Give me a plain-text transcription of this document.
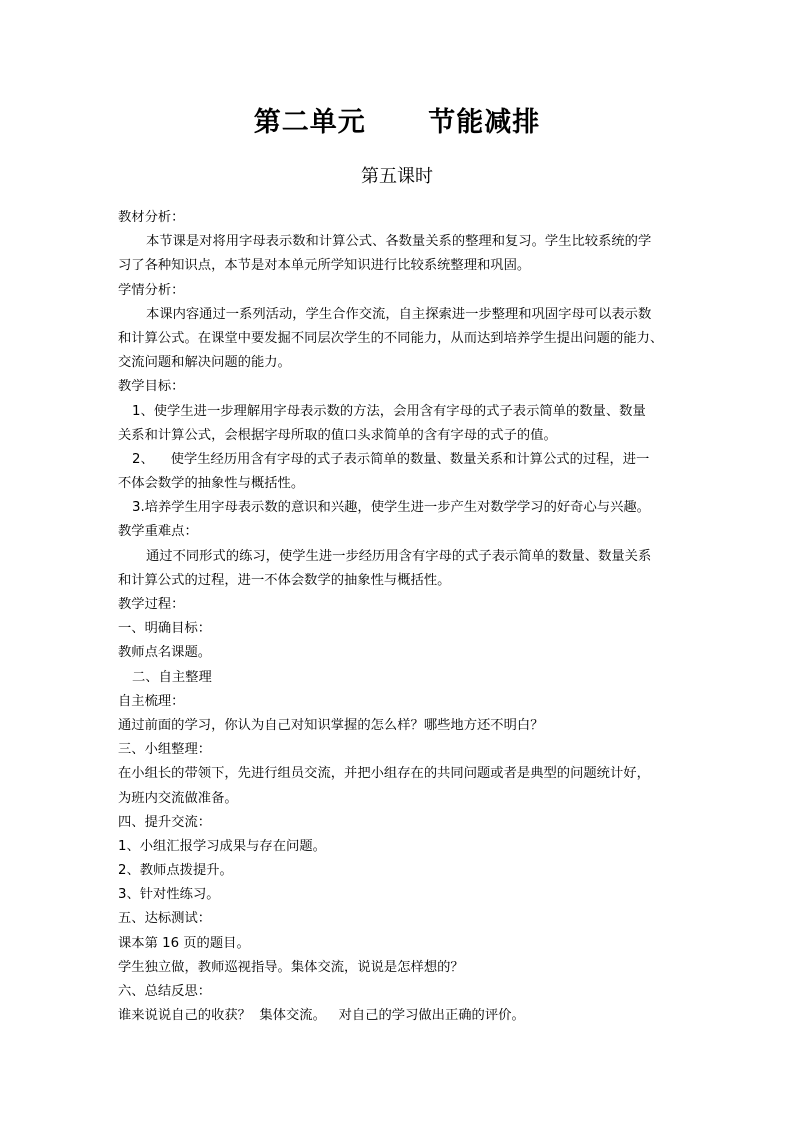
第二单元      节能减排
第五课时
教材分析：
本节课是对将用字母表示数和计算公式、各数量关系的整理和复习。学生比较系统的学
习了各种知识点，本节是对本单元所学知识进行比较系统整理和巩固。
学情分析：
本课内容通过一系列活动，学生合作交流，自主探索进一步整理和巩固字母可以表示数
和计算公式。在课堂中要发掘不同层次学生的不同能力，从而达到培养学生提出问题的能力、
交流问题和解决问题的能力。
教学目标：
1、使学生进一步理解用字母表示数的方法，会用含有字母的式子表示简单的数量、数量
关系和计算公式，会根据字母所取的值口头求简单的含有字母的式子的值。
2、    使学生经历用含有字母的式子表示简单的数量、数量关系和计算公式的过程，进一
不体会数学的抽象性与概括性。
3.培养学生用字母表示数的意识和兴趣，使学生进一步产生对数学学习的好奇心与兴趣。
教学重难点：
通过不同形式的练习，使学生进一步经历用含有字母的式子表示简单的数量、数量关系
和计算公式的过程，进一不体会数学的抽象性与概括性。
教学过程：
一、明确目标：
教师点名课题。
二、自主整理
自主梳理：
通过前面的学习，你认为自己对知识掌握的怎么样？哪些地方还不明白？
三、小组整理：
在小组长的带领下，先进行组员交流，并把小组存在的共同问题或者是典型的问题统计好，
为班内交流做准备。
四、提升交流：
1、小组汇报学习成果与存在问题。
2、教师点拨提升。
3、针对性练习。
五、达标测试：
课本第 16 页的题目。
学生独立做，教师巡视指导。集体交流，说说是怎样想的？
六、总结反思：
谁来说说自己的收获？  集体交流。   对自己的学习做出正确的评价。
